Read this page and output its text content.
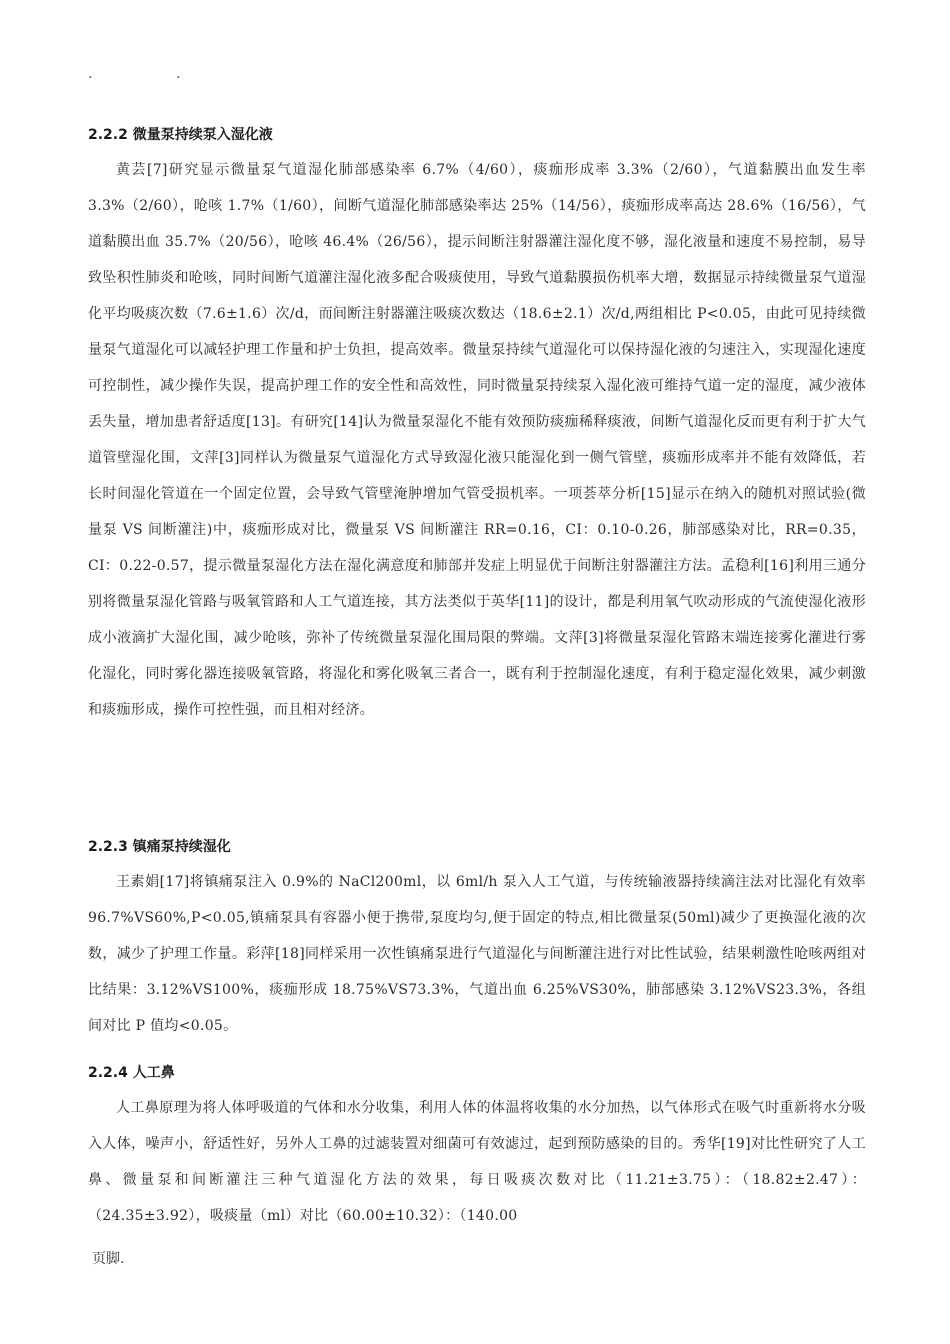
.	.
2.2.2 微量泵持续泵入湿化液

黄芸[7]研究显示微量泵气道湿化肺部感染率 6.7%（4/60），痰痂形成率 3.3%（2/60），气道黏膜出血发生率 3.3%（2/60），呛咳 1.7%（1/60），间断气道湿化肺部感染率达 25%（14/56），痰痂形成率高达 28.6%（16/56），气道黏膜出血 35.7%（20/56），呛咳 46.4%（26/56），提示间断注射器灌注湿化度不够，湿化液量和速度不易控制，易导致坠积性肺炎和呛咳，同时间断气道灌注湿化液多配合吸痰使用，导致气道黏膜损伤机率大增，数据显示持续微量泵气道湿化平均吸痰次数（7.6±1.6）次/d，而间断注射器灌注吸痰次数达（18.6±2.1）次/d,两组相比 P<0.05，由此可见持续微量泵气道湿化可以减轻护理工作量和护士负担，提高效率。微量泵持续气道湿化可以保持湿化液的匀速注入，实现湿化速度可控制性，减少操作失误，提高护理工作的安全性和高效性，同时微量泵持续泵入湿化液可维持气道一定的湿度，减少液体丢失量，增加患者舒适度[13]。有研究[14]认为微量泵湿化不能有效预防痰痂稀释痰液，间断气道湿化反而更有利于扩大气道管壁湿化围，文萍[3]同样认为微量泵气道湿化方式导致湿化液只能湿化到一侧气管壁，痰痂形成率并不能有效降低，若长时间湿化管道在一个固定位置，会导致气管壁淹肿增加气管受损机率。一项荟萃分析[15]显示在纳入的随机对照试验(微量泵 VS 间断灌注)中，痰痂形成对比，微量泵 VS 间断灌注 RR=0.16，CI：0.10-0.26，肺部感染对比，RR=0.35，CI：0.22-0.57，提示微量泵湿化方法在湿化满意度和肺部并发症上明显优于间断注射器灌注方法。孟稳利[16]利用三通分别将微量泵湿化管路与吸氧管路和人工气道连接，其方法类似于英华[11]的设计，都是利用氧气吹动形成的气流使湿化液形成小液滴扩大湿化围，减少呛咳，弥补了传统微量泵湿化围局限的弊端。文萍[3]将微量泵湿化管路末端连接雾化灌进行雾化湿化，同时雾化器连接吸氧管路，将湿化和雾化吸氧三者合一，既有利于控制湿化速度，有利于稳定湿化效果，减少刺激和痰痂形成，操作可控性强，而且相对经济。

2.2.3 镇痛泵持续湿化

王素娟[17]将镇痛泵注入 0.9%的 NaCl200ml，以 6ml/h 泵入人工气道，与传统输液器持续滴注法对比湿化有效率 96.7%VS60%,P<0.05,镇痛泵具有容器小便于携带,泵度均匀,便于固定的特点,相比微量泵(50ml)减少了更换湿化液的次数，减少了护理工作量。彩萍[18]同样采用一次性镇痛泵进行气道湿化与间断灌注进行对比性试验，结果刺激性呛咳两组对比结果：3.12%VS100%，痰痂形成 18.75%VS73.3%，气道出血 6.25%VS30%，肺部感染 3.12%VS23.3%，各组间对比 P 值均<0.05。

2.2.4 人工鼻

人工鼻原理为将人体呼吸道的气体和水分收集，利用人体的体温将收集的水分加热，以气体形式在吸气时重新将水分吸入人体，噪声小，舒适性好，另外人工鼻的过滤装置对细菌可有效滤过，起到预防感染的目的。秀华[19]对比性研究了人工鼻、微量泵和间断灌注三种气道湿化方法的效果，每日吸痰次数对比（11.21±3.75）：（18.82±2.47）：（24.35±3.92），吸痰量（ml）对比（60.00±10.32）：（140.00

页脚.
